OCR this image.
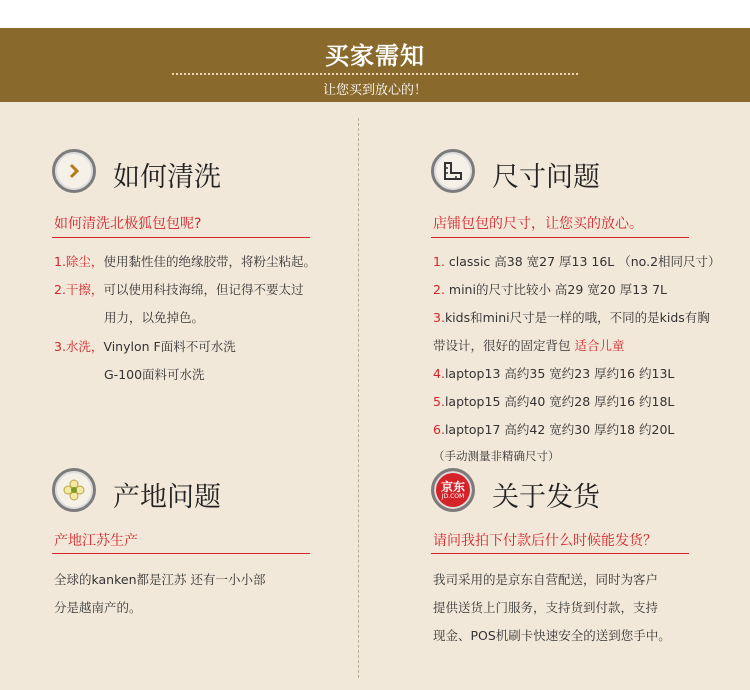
买家需知
让您买到放心的！
如何清洗
如何清洗北极狐包包呢?
1.除尘，使用黏性佳的绝缘胶带，将粉尘粘起。
2.干擦，可以使用科技海绵，但记得不要太过
用力，以免掉色。
3.水洗，Vinylon F面料不可水洗
G-100面料可水洗
尺寸问题
店铺包包的尺寸，让您买的放心。
1. classic 高38 宽27 厚13 16L （no.2相同尺寸）
2. mini的尺寸比较小 高29 宽20 厚13 7L
3.kids和mini尺寸是一样的哦，不同的是kids有胸
带设计，很好的固定背包 适合儿童
4.laptop13 高约35 宽约23 厚约16 约13L
5.laptop15 高约40 宽约28 厚约16 约18L
6.laptop17 高约42 宽约30 厚约18 约20L
（手动测量非精确尺寸）
产地问题
产地江苏生产
全球的kanken都是江苏 还有一小小部
分是越南产的。
京东
JD.COM 关于发货
请问我拍下付款后什么时候能发货？
我司采用的是京东自营配送，同时为客户
提供送货上门服务，支持货到付款，支持
现金、POS机刷卡快速安全的送到您手中。
